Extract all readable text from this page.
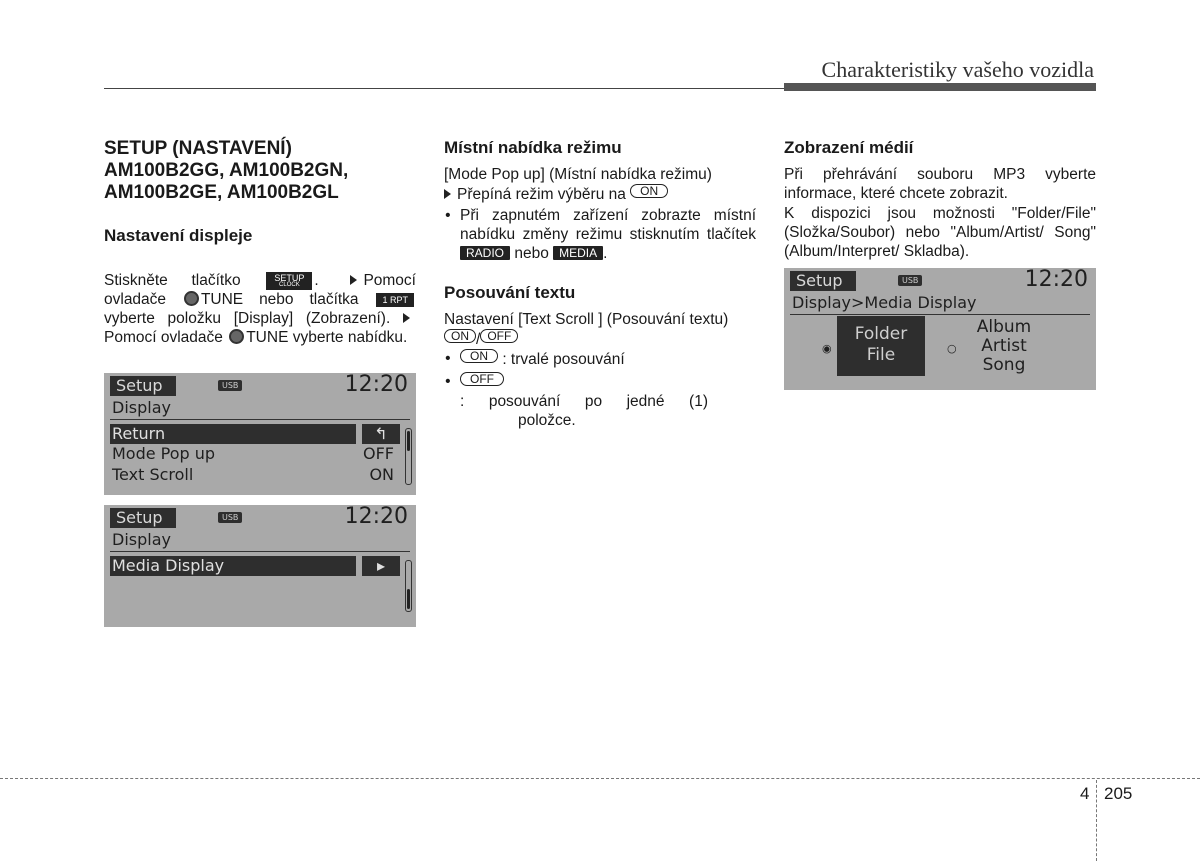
Charakteristiky vašeho vozidla
SETUP (NASTAVENÍ)
AM100B2GG, AM100B2GN,
AM100B2GE, AM100B2GL
Nastavení displeje

Stiskněte tlačítko	SETUP
CLOCK .	Pomocí ovladače TUNE nebo tlačítka	1 RPT vyberte položku [Display] (Zobrazení). Pomocí ovladače TUNE vyberte nabídku.

Setup	USB	12:20
Display
Return	↰
Mode Pop up	OFF
Text Scroll	ON
Setup	USB	12:20
Display
Media Display	▸
Místní nabídka režimu

[Mode Pop up] (Místní nabídka režimu)

Přepíná režim výběru na ON

• Při zapnutém zařízení zobrazte místní nabídku změny režimu stisknutím tlačítek RADIO nebo MEDIA .

Posouvání textu

Nastavení [Text Scroll ] (Posouvání textu)

ON / OFF

• ON : trvalé posouvání

• OFF : posouvání po jedné (1)
položce.

Zobrazení médií

Při přehrávání souboru MP3 vyberte informace, které chcete zobrazit.

K dispozici jsou možnosti "Folder/File" (Složka/Soubor) nebo "Album/Artist/ Song" (Album/Interpret/ Skladba).

Setup	USB	12:20
Display>Media Display
◉
Folder
File	○
Album
Artist
Song
4 205
